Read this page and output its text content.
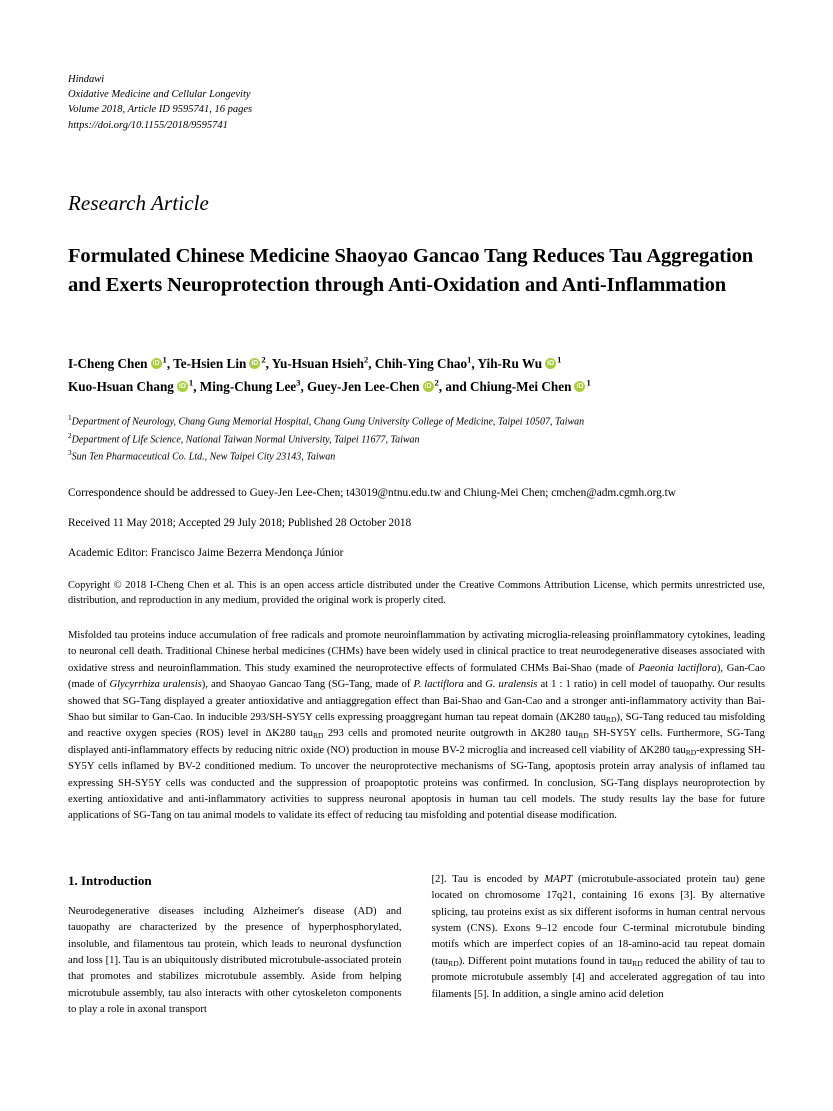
Hindawi
Oxidative Medicine and Cellular Longevity
Volume 2018, Article ID 9595741, 16 pages
https://doi.org/10.1155/2018/9595741
Research Article
Formulated Chinese Medicine Shaoyao Gancao Tang Reduces Tau Aggregation and Exerts Neuroprotection through Anti-Oxidation and Anti-Inflammation
I-Cheng Chen iD $^1$, Te-Hsien Lin iD $^2$, Yu-Hsuan Hsieh$^2$, Chih-Ying Chao$^1$, Yih-Ru Wu iD $^1$
Kuo-Hsuan Chang iD $^1$, Ming-Chung Lee$^3$, Guey-Jen Lee-Chen iD $^2$, and Chiung-Mei Chen iD $^1$
$^1$Department of Neurology, Chang Gung Memorial Hospital, Chang Gung University College of Medicine, Taipei 10507, Taiwan
$^2$Department of Life Science, National Taiwan Normal University, Taipei 11677, Taiwan
$^3$Sun Ten Pharmaceutical Co. Ltd., New Taipei City 23143, Taiwan
Correspondence should be addressed to Guey-Jen Lee-Chen; t43019@ntnu.edu.tw and Chiung-Mei Chen; cmchen@adm.cgmh.org.tw
Received 11 May 2018; Accepted 29 July 2018; Published 28 October 2018
Academic Editor: Francisco Jaime Bezerra Mendonça Júnior
Copyright © 2018 I-Cheng Chen et al. This is an open access article distributed under the Creative Commons Attribution License, which permits unrestricted use, distribution, and reproduction in any medium, provided the original work is properly cited.
Misfolded tau proteins induce accumulation of free radicals and promote neuroinflammation by activating microglia-releasing proinflammatory cytokines, leading to neuronal cell death. Traditional Chinese herbal medicines (CHMs) have been widely used in clinical practice to treat neurodegenerative diseases associated with oxidative stress and neuroinflammation. This study examined the neuroprotective effects of formulated CHMs Bai-Shao (made of Paeonia lactiflora), Gan-Cao (made of Glycyrrhiza uralensis), and Shaoyao Gancao Tang (SG-Tang, made of P. lactiflora and G. uralensis at 1 : 1 ratio) in cell model of tauopathy. Our results showed that SG-Tang displayed a greater antioxidative and antiaggregation effect than Bai-Shao and Gan-Cao and a stronger anti-inflammatory activity than Bai-Shao but similar to Gan-Cao. In inducible 293/SH-SY5Y cells expressing proaggregant human tau repeat domain (ΔK280 tau$_{RD}$), SG-Tang reduced tau misfolding and reactive oxygen species (ROS) level in ΔK280 tau$_{RD}$ 293 cells and promoted neurite outgrowth in ΔK280 tau$_{RD}$ SH-SY5Y cells. Furthermore, SG-Tang displayed anti-inflammatory effects by reducing nitric oxide (NO) production in mouse BV-2 microglia and increased cell viability of ΔK280 tau$_{RD}$-expressing SH-SY5Y cells inflamed by BV-2 conditioned medium. To uncover the neuroprotective mechanisms of SG-Tang, apoptosis protein array analysis of inflamed tau expressing SH-SY5Y cells was conducted and the suppression of proapoptotic proteins was confirmed. In conclusion, SG-Tang displays neuroprotection by exerting antioxidative and anti-inflammatory activities to suppress neuronal apoptosis in human tau cell models. The study results lay the base for future applications of SG-Tang on tau animal models to validate its effect of reducing tau misfolding and potential disease modification.
1. Introduction

Neurodegenerative diseases including Alzheimer's disease (AD) and tauopathy are characterized by the presence of hyperphosphorylated, insoluble, and filamentous tau protein, which leads to neuronal dysfunction and loss [1]. Tau is an ubiquitously distributed microtubule-associated protein that promotes and stabilizes microtubule assembly. Aside from helping microtubule assembly, tau also interacts with other cytoskeleton components to play a role in axonal transport

[2]. Tau is encoded by MAPT (microtubule-associated protein tau) gene located on chromosome 17q21, containing 16 exons [3]. By alternative splicing, tau proteins exist as six different isoforms in human central nervous system (CNS). Exons 9–12 encode four C-terminal microtubule binding motifs which are imperfect copies of an 18-amino-acid tau repeat domain (tau$_{RD}$). Different point mutations found in tau$_{RD}$ reduced the ability of tau to promote microtubule assembly [4] and accelerated aggregation of tau into filaments [5]. In addition, a single amino acid deletion
